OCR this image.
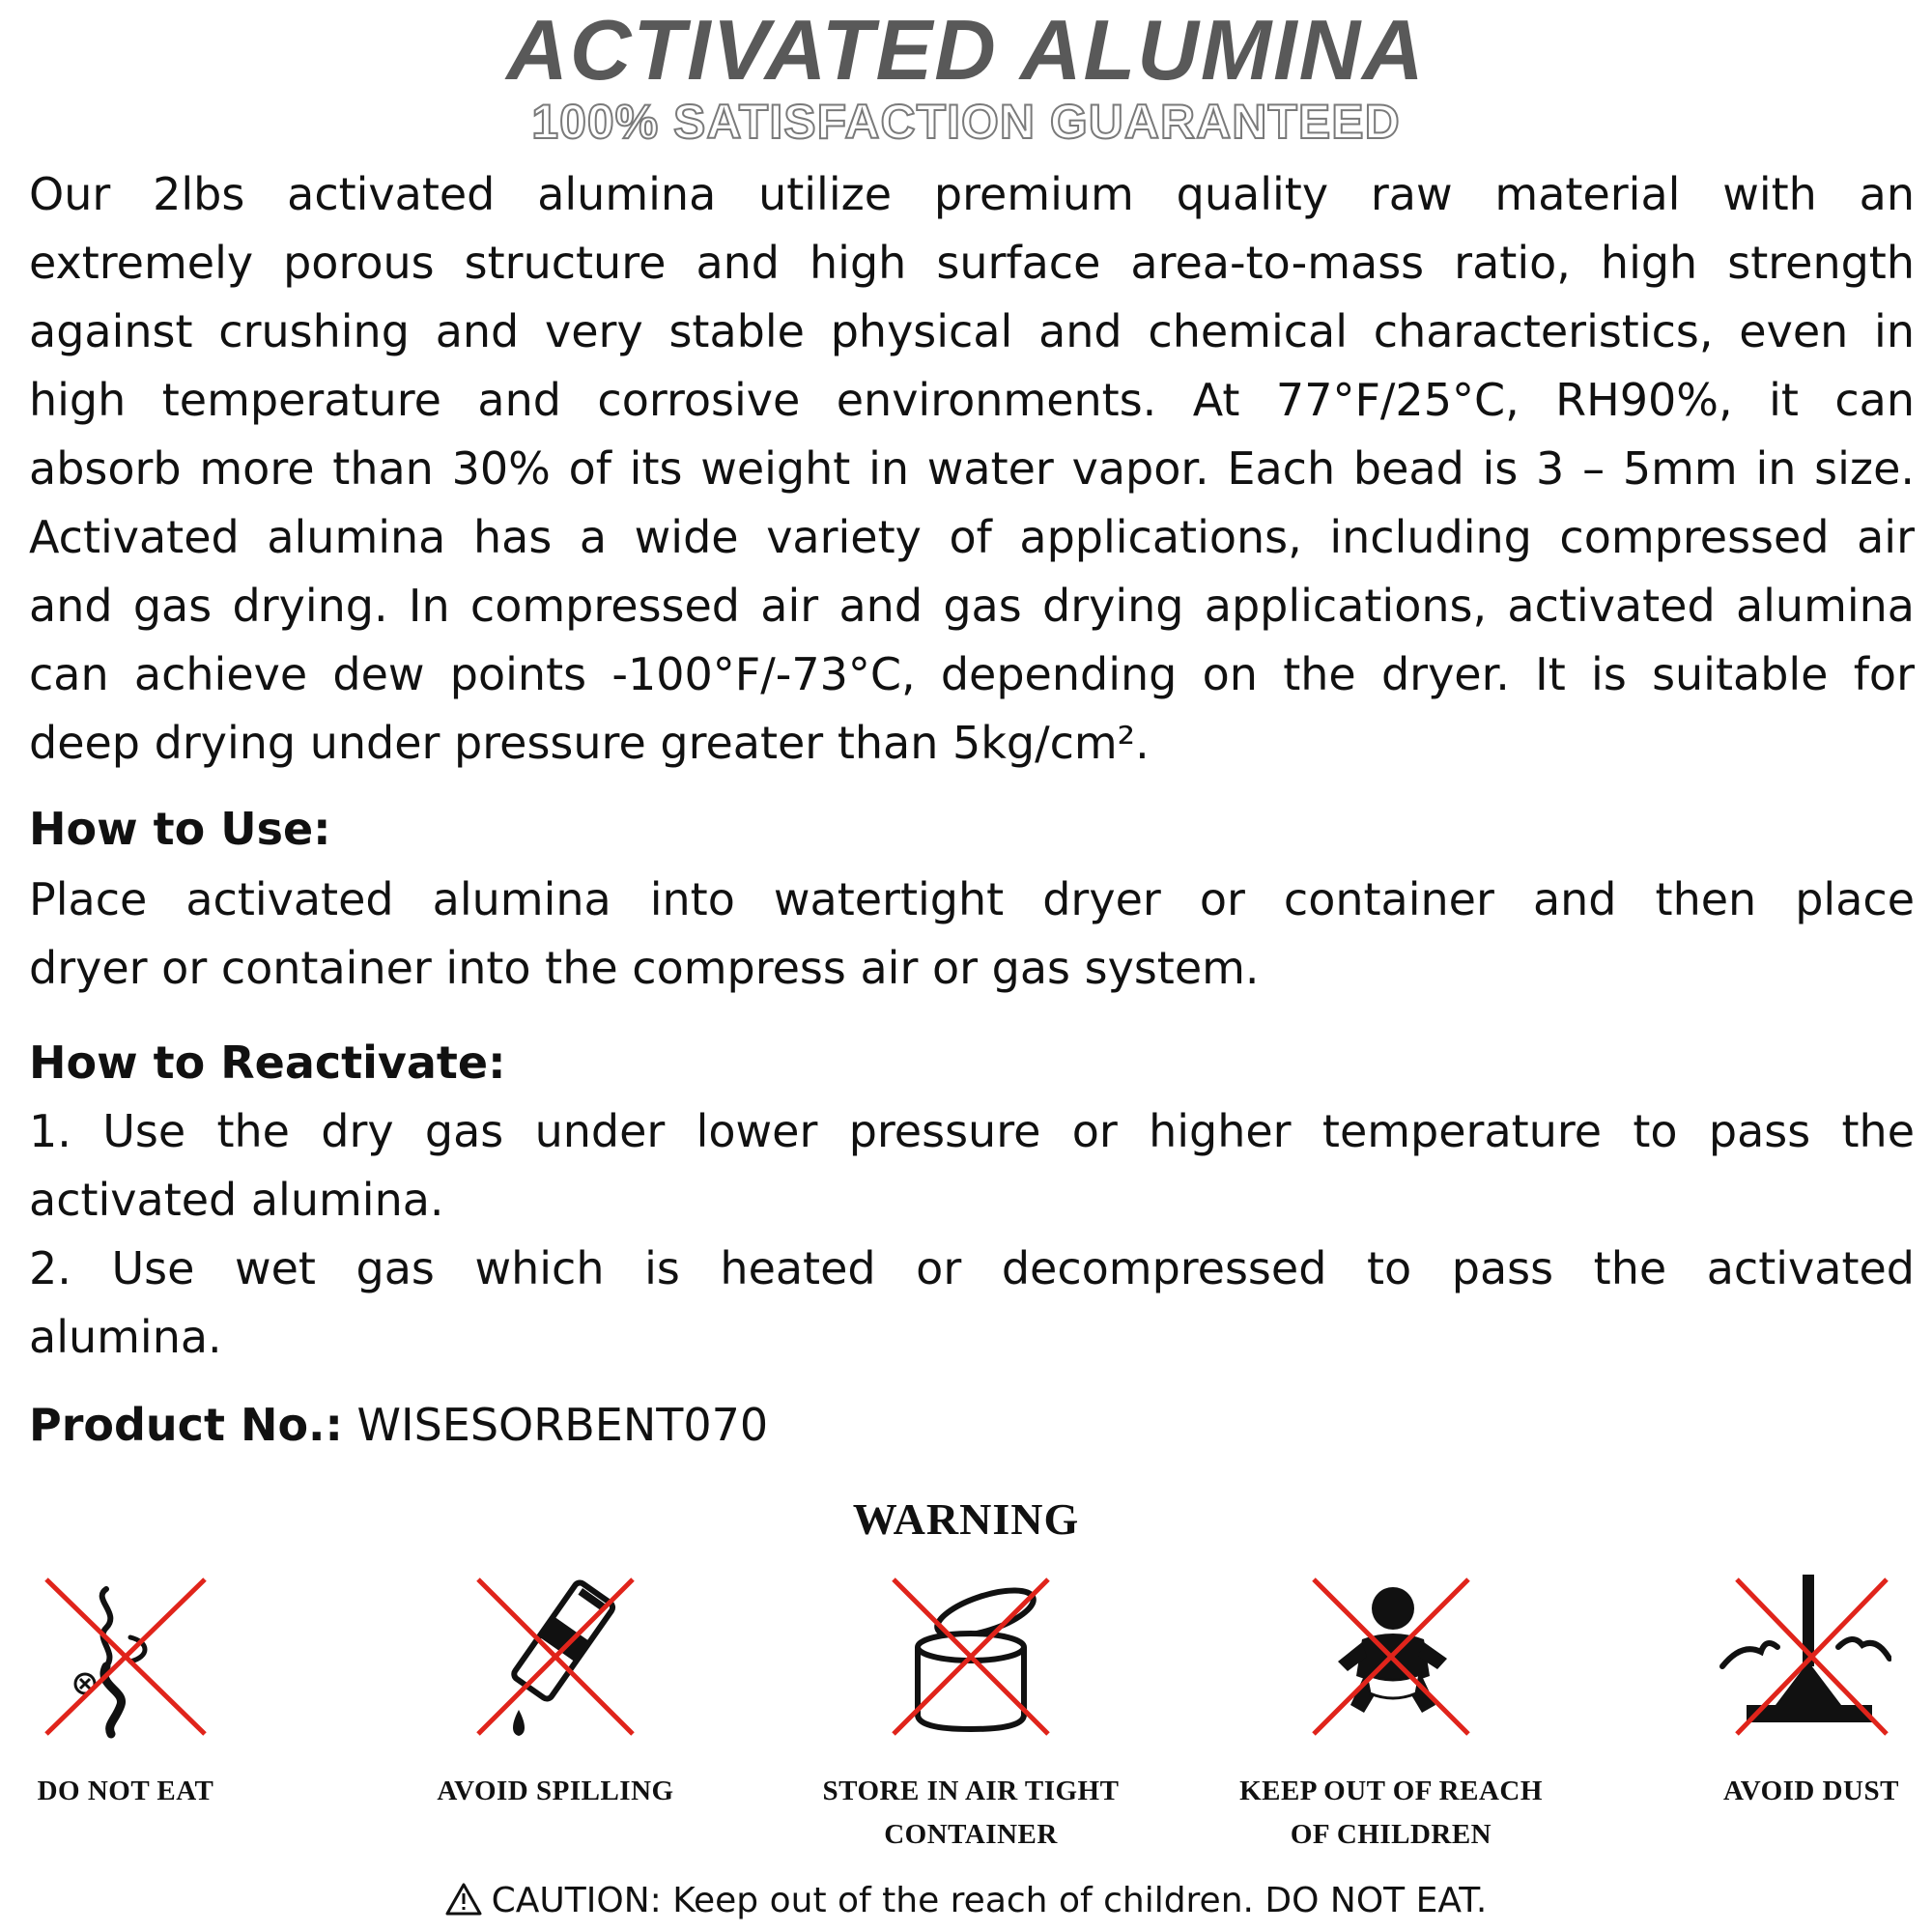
ACTIVATED ALUMINA
100% SATISFACTION GUARANTEED
Our 2lbs activated alumina utilize premium quality raw material with an
extremely porous structure and high surface area-to-mass ratio, high strength
against crushing and very stable physical and chemical characteristics, even in
high temperature and corrosive environments. At 77°F/25°C, RH90%, it can
absorb more than 30% of its weight in water vapor. Each bead is 3 – 5mm in size.
Activated alumina has a wide variety of applications, including compressed air
and gas drying. In compressed air and gas drying applications, activated alumina
can achieve dew points -100°F/-73°C, depending on the dryer. It is suitable for
deep drying under pressure greater than 5kg/cm².
How to Use:
Place activated alumina into watertight dryer or container and then place
dryer or container into the compress air or gas system.
How to Reactivate:
1. Use the dry gas under lower pressure or higher temperature to pass the
activated alumina.
2. Use wet gas which is heated or decompressed to pass the activated
alumina.
Product No.: WISESORBENT070
WARNING
DO NOT EAT	AVOID SPILLING	STORE IN AIR TIGHT
CONTAINER
KEEP OUT OF REACH
OF CHILDREN
AVOID DUST
CAUTION: Keep out of the reach of children. DO NOT EAT.
